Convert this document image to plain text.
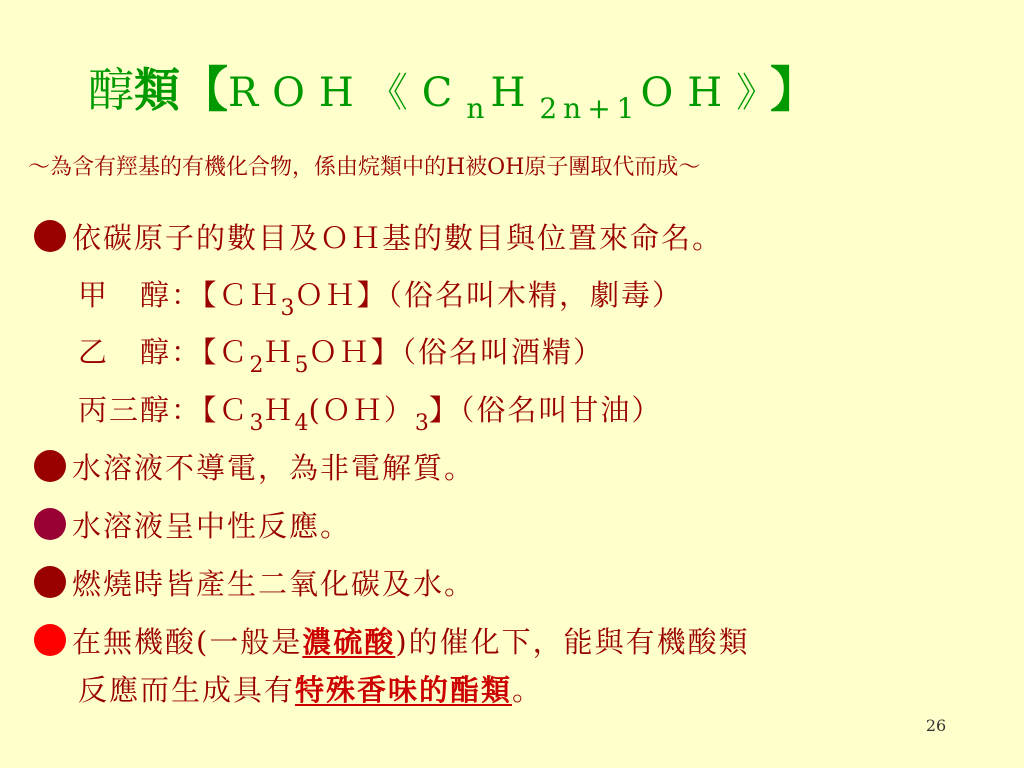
醇類【ROH《CnH2n+1OH》】
～為含有羥基的有機化合物，係由烷類中的H被OH原子團取代而成～
依碳原子的數目及ＯＨ基的數目與位置來命名。
甲　醇：【ＣＨ$_3$ＯＨ】（俗名叫木精，劇毒）
乙　醇：【Ｃ$_2$Ｈ$_5$ＯＨ】（俗名叫酒精）
丙三醇：【$C_3H_4(OH)_3$】（俗名叫甘油）
水溶液不導電，為非電解質。
水溶液呈中性反應。
燃燒時皆產生二氧化碳及水。
在無機酸(一般是濃硫酸)的催化下，能與有機酸類
反應而生成具有特殊香味的酯類。
26
